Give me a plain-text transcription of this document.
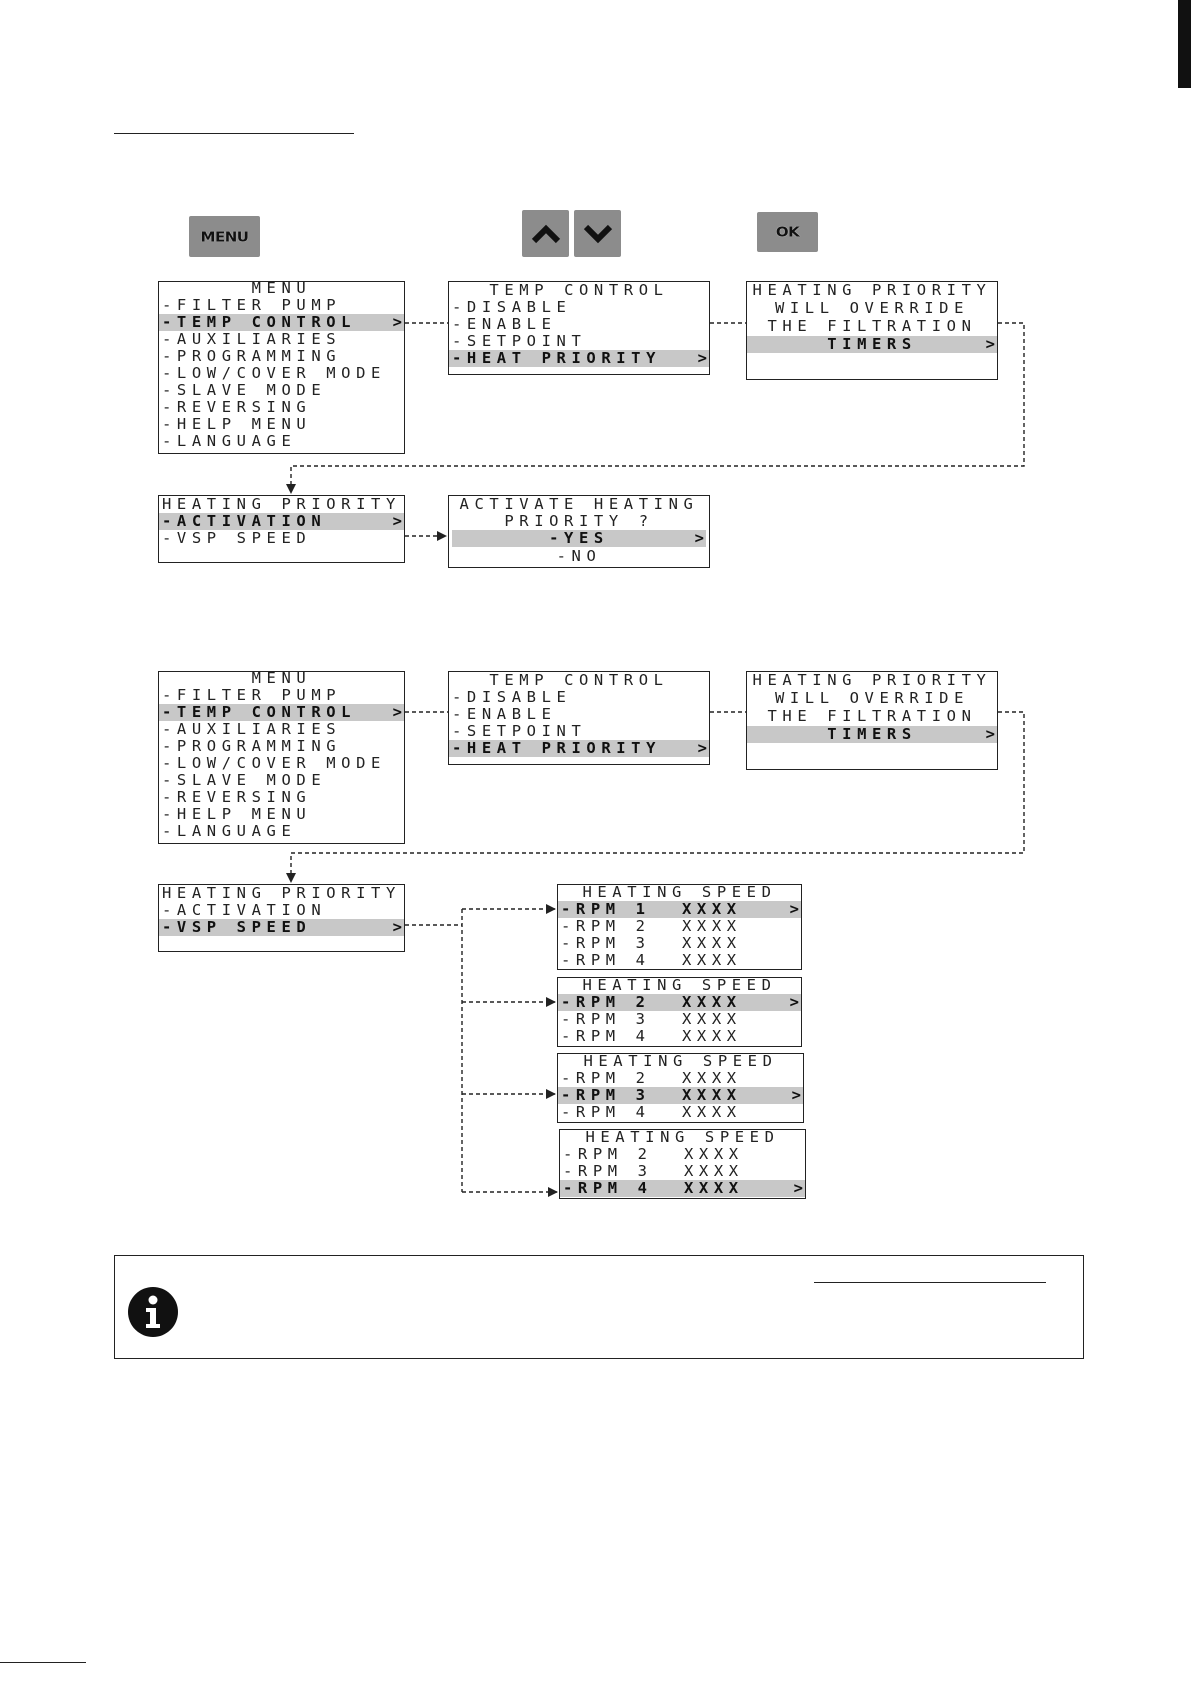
MENU	OK
MENU
-FILTER PUMP
-TEMP CONTROL >
-AUXILIARIES
-PROGRAMMING
-LOW/COVER MODE
-SLAVE MODE
-REVERSING
-HELP MENU
-LANGUAGE
TEMP CONTROL
-DISABLE
-ENABLE
-SETPOINT
-HEAT PRIORITY >
HEATING PRIORITY
WILL OVERRIDE
THE FILTRATION
TIMERS	>
HEATING PRIORITY
-ACTIVATION	>
-VSP SPEED
ACTIVATE HEATING
PRIORITY ?
-YES	>
-NO
MENU
-FILTER PUMP
-TEMP CONTROL >
-AUXILIARIES
-PROGRAMMING
-LOW/COVER MODE
-SLAVE MODE
-REVERSING
-HELP MENU
-LANGUAGE
TEMP CONTROL
-DISABLE
-ENABLE
-SETPOINT
-HEAT PRIORITY >
HEATING PRIORITY
WILL OVERRIDE
THE FILTRATION
TIMERS	>
HEATING PRIORITY
-ACTIVATION
-VSP SPEED	>
HEATING SPEED
-RPM 1 XXXX	>
-RPM 2 XXXX
-RPM 3 XXXX
-RPM 4 XXXX
HEATING SPEED
-RPM 2 XXXX	>
-RPM 3 XXXX
-RPM 4 XXXX
HEATING SPEED
-RPM 2 XXXX
-RPM 3 XXXX	>
-RPM 4 XXXX
HEATING SPEED
-RPM 2 XXXX
-RPM 3 XXXX
-RPM 4 XXXX	>
